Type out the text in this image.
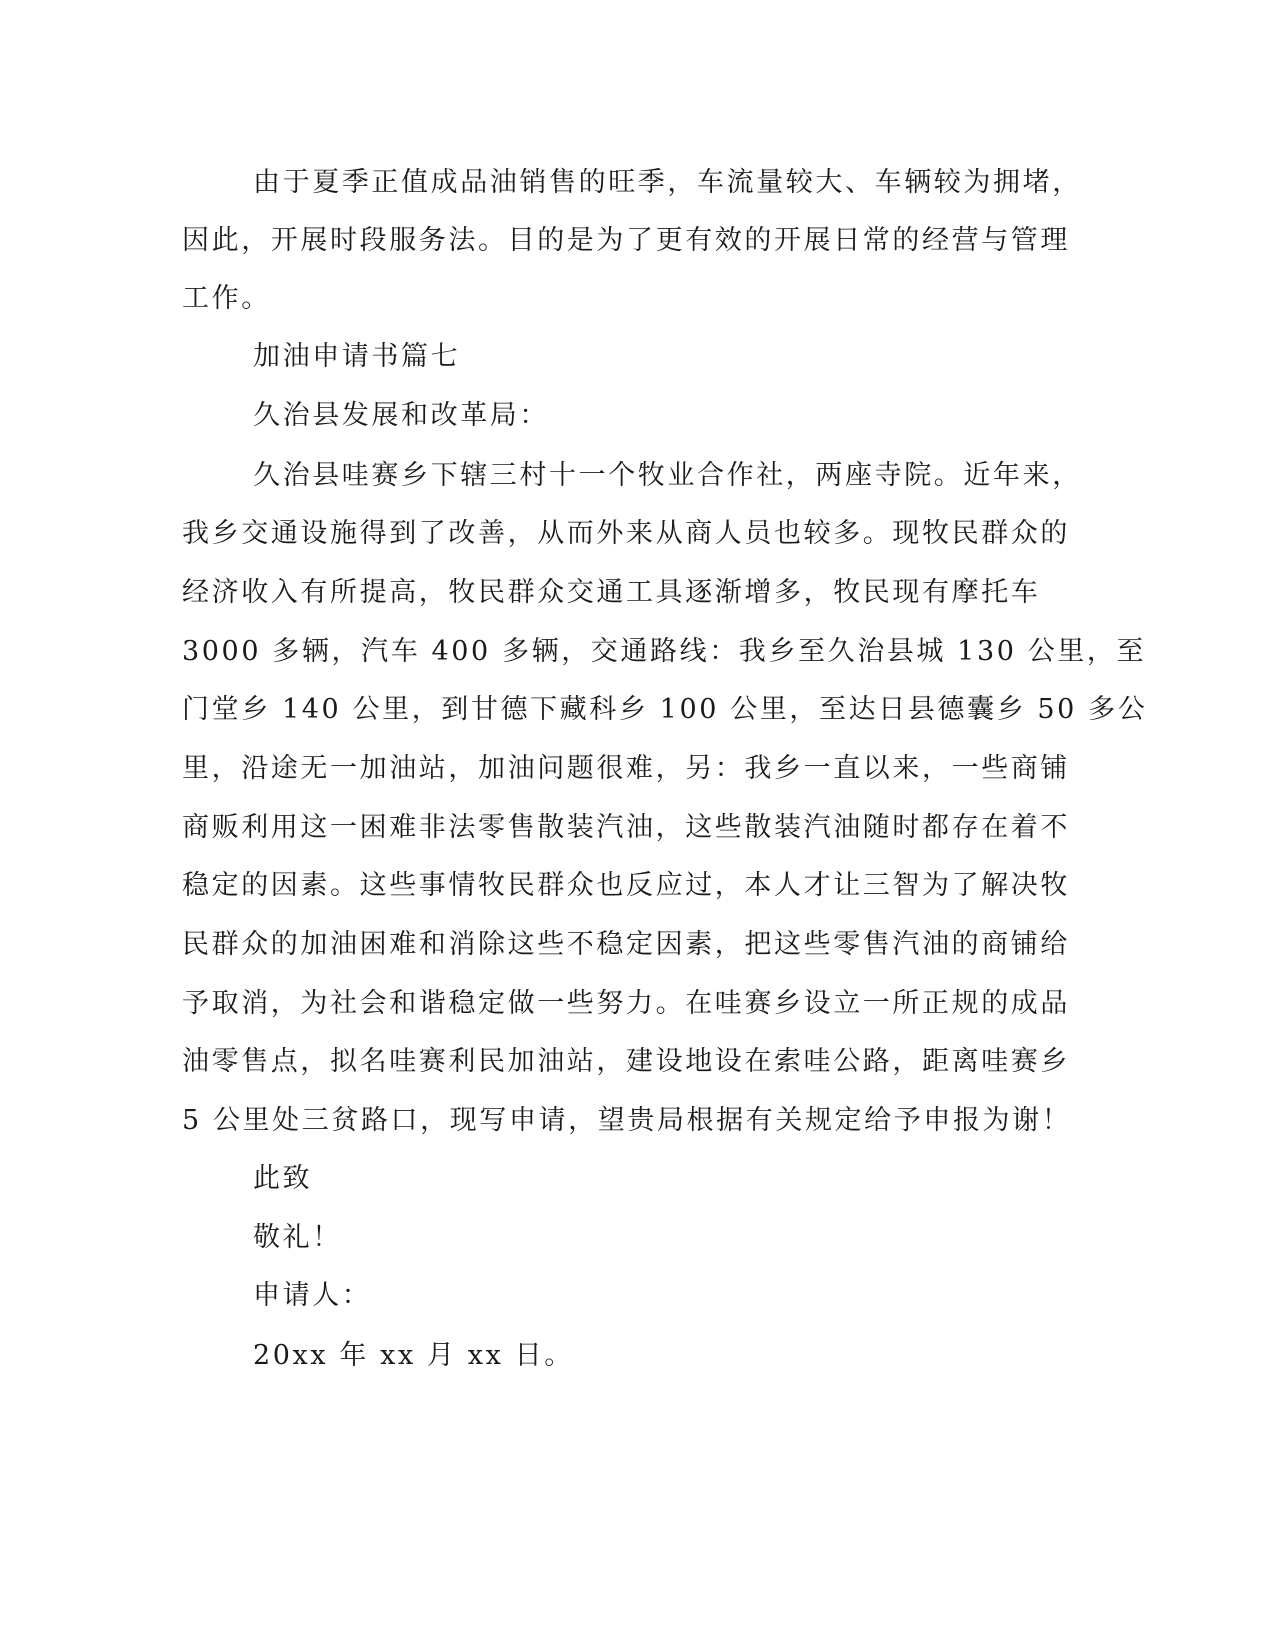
由于夏季正值成品油销售的旺季，车流量较大、车辆较为拥堵，
因此，开展时段服务法。目的是为了更有效的开展日常的经营与管理
工作。
加油申请书篇七
久治县发展和改革局：
久治县哇赛乡下辖三村十一个牧业合作社，两座寺院。近年来，
我乡交通设施得到了改善，从而外来从商人员也较多。现牧民群众的
经济收入有所提高，牧民群众交通工具逐渐增多，牧民现有摩托车
3000 多辆，汽车 400 多辆，交通路线：我乡至久治县城 130 公里，至
门堂乡 140 公里，到甘德下藏科乡 100 公里，至达日县德囊乡 50 多公
里，沿途无一加油站，加油问题很难，另：我乡一直以来，一些商铺
商贩利用这一困难非法零售散装汽油，这些散装汽油随时都存在着不
稳定的因素。这些事情牧民群众也反应过，本人才让三智为了解决牧
民群众的加油困难和消除这些不稳定因素，把这些零售汽油的商铺给
予取消，为社会和谐稳定做一些努力。在哇赛乡设立一所正规的成品
油零售点，拟名哇赛利民加油站，建设地设在索哇公路，距离哇赛乡
5 公里处三贫路口，现写申请，望贵局根据有关规定给予申报为谢！
此致
敬礼！
申请人：
20xx 年 xx 月 xx 日。
